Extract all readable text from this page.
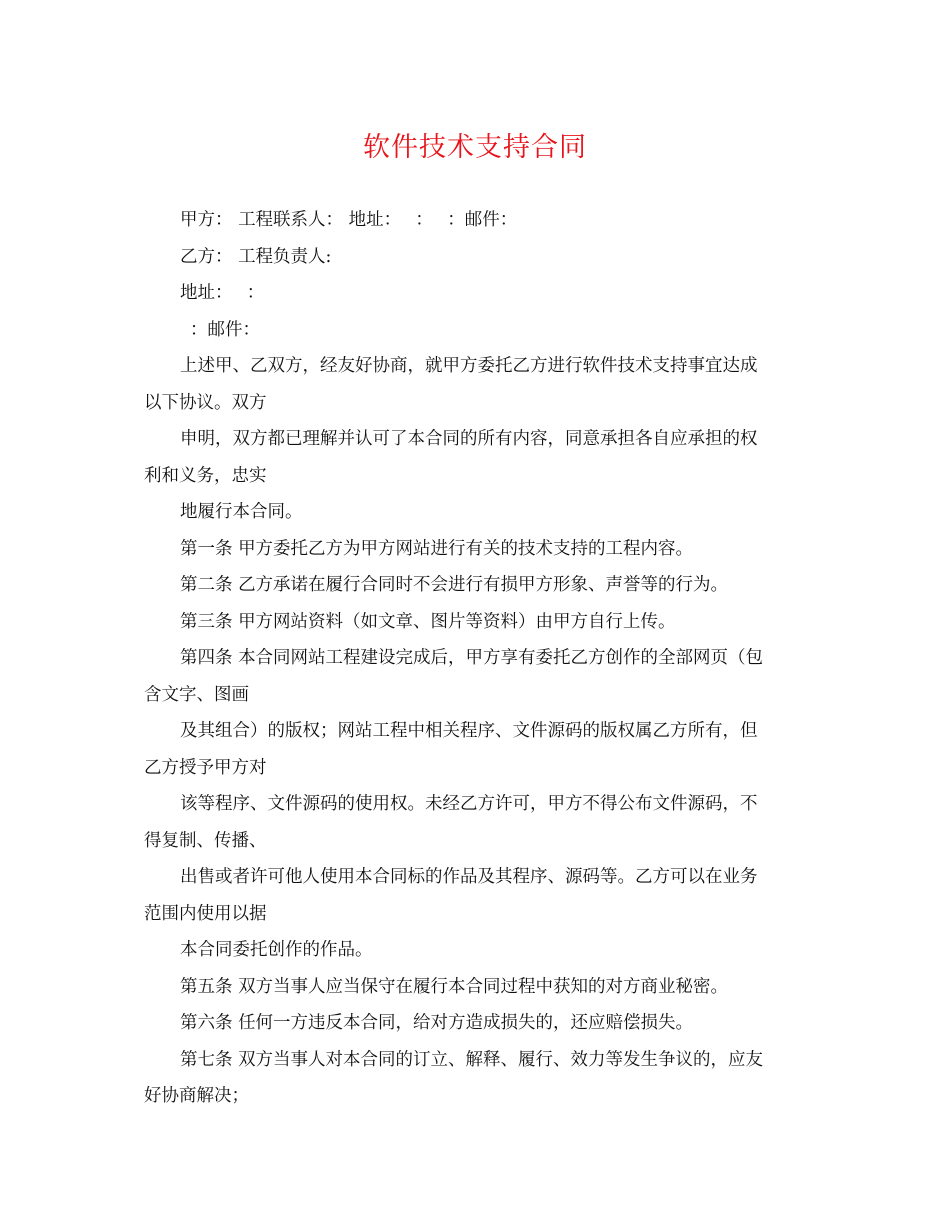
软件技术支持合同
甲方： 工程联系人： 地址：　 ：　 ：邮件：
乙方： 工程负责人:
地址：　 ：
：邮件：
上述甲、乙双方，经友好协商，就甲方委托乙方进行软件技术支持事宜达成
以下协议。双方
申明，双方都已理解并认可了本合同的所有内容，同意承担各自应承担的权
利和义务，忠实
地履行本合同。
第一条 甲方委托乙方为甲方网站进行有关的技术支持的工程内容。
第二条 乙方承诺在履行合同时不会进行有损甲方形象、声誉等的行为。
第三条 甲方网站资料（如文章、图片等资料）由甲方自行上传。
第四条 本合同网站工程建设完成后，甲方享有委托乙方创作的全部网页（包
含文字、图画
及其组合）的版权；网站工程中相关程序、文件源码的版权属乙方所有，但
乙方授予甲方对
该等程序、文件源码的使用权。未经乙方许可，甲方不得公布文件源码，不
得复制、传播、
出售或者许可他人使用本合同标的作品及其程序、源码等。乙方可以在业务
范围内使用以据
本合同委托创作的作品。
第五条 双方当事人应当保守在履行本合同过程中获知的对方商业秘密。
第六条 任何一方违反本合同，给对方造成损失的，还应赔偿损失。
第七条 双方当事人对本合同的订立、解释、履行、效力等发生争议的，应友
好协商解决；
